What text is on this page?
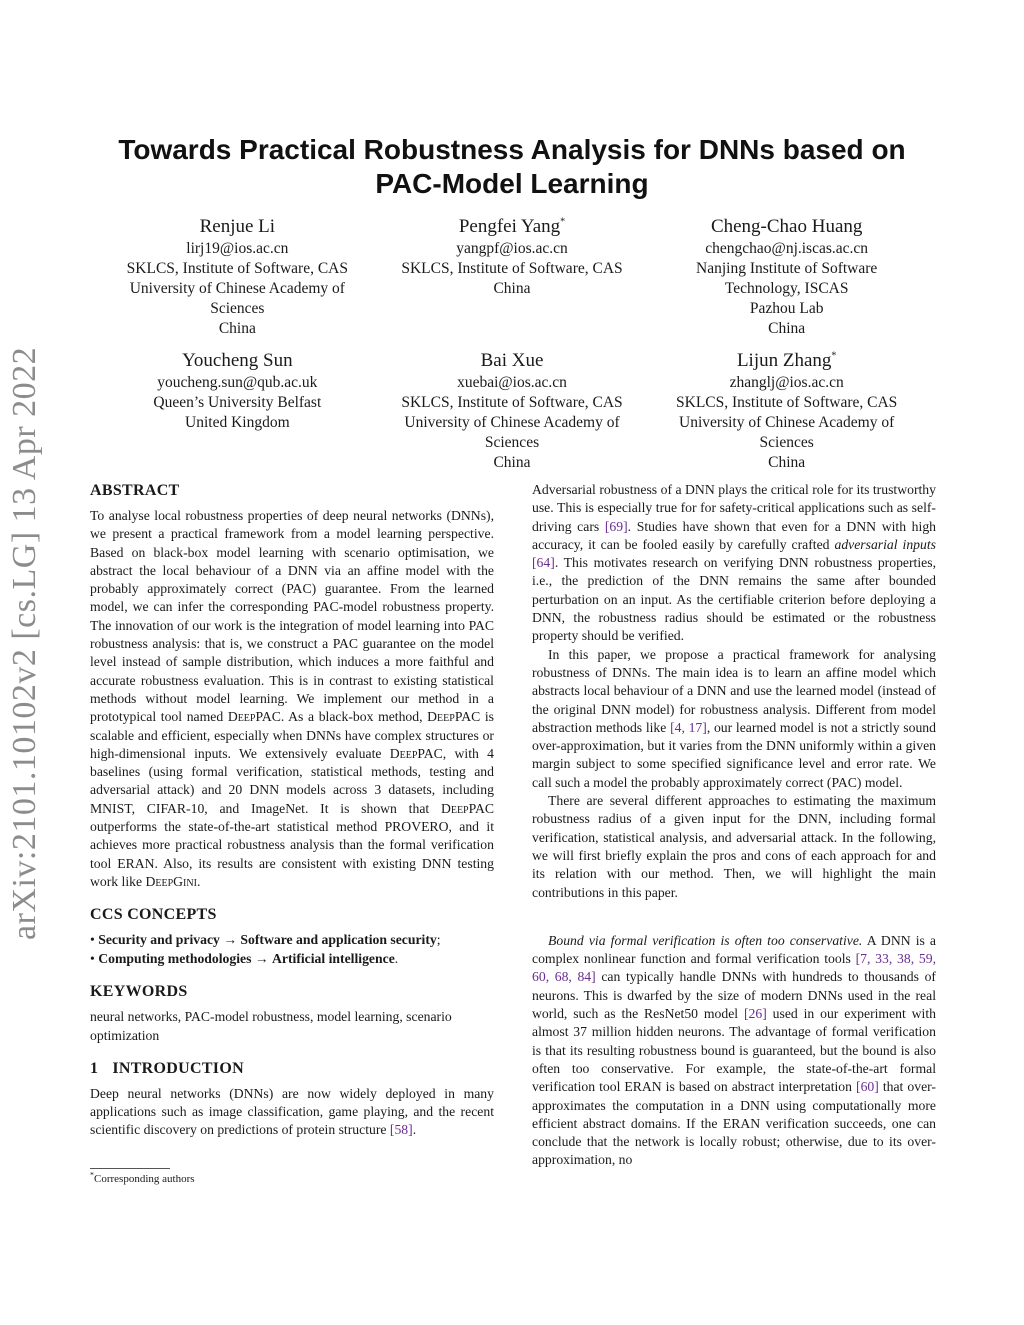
arXiv:2101.10102v2 [cs.LG] 13 Apr 2022
Towards Practical Robustness Analysis for DNNs based on PAC-Model Learning
Renjue Li
lirj19@ios.ac.cn
SKLCS, Institute of Software, CAS
University of Chinese Academy of
Sciences
China
Pengfei Yang*
yangpf@ios.ac.cn
SKLCS, Institute of Software, CAS
China
Cheng-Chao Huang
chengchao@nj.iscas.ac.cn
Nanjing Institute of Software
Technology, ISCAS
Pazhou Lab
China
Youcheng Sun
youcheng.sun@qub.ac.uk
Queen’s University Belfast
United Kingdom
Bai Xue
xuebai@ios.ac.cn
SKLCS, Institute of Software, CAS
University of Chinese Academy of
Sciences
China
Lijun Zhang*
zhanglj@ios.ac.cn
SKLCS, Institute of Software, CAS
University of Chinese Academy of
Sciences
China
ABSTRACT

To analyse local robustness properties of deep neural networks (DNNs), we present a practical framework from a model learning perspective. Based on black-box model learning with scenario optimisation, we abstract the local behaviour of a DNN via an affine model with the probably approximately correct (PAC) guarantee. From the learned model, we can infer the corresponding PAC-model robustness property. The innovation of our work is the integration of model learning into PAC robustness analysis: that is, we construct a PAC guarantee on the model level instead of sample distribution, which induces a more faithful and accurate robustness evaluation. This is in contrast to existing statistical methods without model learning. We implement our method in a prototypical tool named DeepPAC. As a black-box method, DeepPAC is scalable and efficient, especially when DNNs have complex structures or high-dimensional inputs. We extensively evaluate DeepPAC, with 4 baselines (using formal verification, statistical methods, testing and adversarial attack) and 20 DNN models across 3 datasets, including MNIST, CIFAR-10, and ImageNet. It is shown that DeepPAC outperforms the state-of-the-art statistical method PROVERO, and it achieves more practical robustness analysis than the formal verification tool ERAN. Also, its results are consistent with existing DNN testing work like DeepGini.

CCS CONCEPTS
• Security and privacy → Software and application security;
• Computing methodologies → Artificial intelligence.
KEYWORDS

neural networks, PAC-model robustness, model learning, scenario optimization

1 INTRODUCTION

Deep neural networks (DNNs) are now widely deployed in many applications such as image classification, game playing, and the recent scientific discovery on predictions of protein structure [58].

*Corresponding authors

Adversarial robustness of a DNN plays the critical role for its trustworthy use. This is especially true for for safety-critical applications such as self-driving cars [69]. Studies have shown that even for a DNN with high accuracy, it can be fooled easily by carefully crafted adversarial inputs [64]. This motivates research on verifying DNN robustness properties, i.e., the prediction of the DNN remains the same after bounded perturbation on an input. As the certifiable criterion before deploying a DNN, the robustness radius should be estimated or the robustness property should be verified.

In this paper, we propose a practical framework for analysing robustness of DNNs. The main idea is to learn an affine model which abstracts local behaviour of a DNN and use the learned model (instead of the original DNN model) for robustness analysis. Different from model abstraction methods like [4, 17], our learned model is not a strictly sound over-approximation, but it varies from the DNN uniformly within a given margin subject to some specified significance level and error rate. We call such a model the probably approximately correct (PAC) model.

There are several different approaches to estimating the maximum robustness radius of a given input for the DNN, including formal verification, statistical analysis, and adversarial attack. In the following, we will first briefly explain the pros and cons of each approach for and its relation with our method. Then, we will highlight the main contributions in this paper.

Bound via formal verification is often too conservative. A DNN is a complex nonlinear function and formal verification tools [7, 33, 38, 59, 60, 68, 84] can typically handle DNNs with hundreds to thousands of neurons. This is dwarfed by the size of modern DNNs used in the real world, such as the ResNet50 model [26] used in our experiment with almost 37 million hidden neurons. The advantage of formal verification is that its resulting robustness bound is guaranteed, but the bound is also often too conservative. For example, the state-of-the-art formal verification tool ERAN is based on abstract interpretation [60] that over-approximates the computation in a DNN using computationally more efficient abstract domains. If the ERAN verification succeeds, one can conclude that the network is locally robust; otherwise, due to its over-approximation, no
